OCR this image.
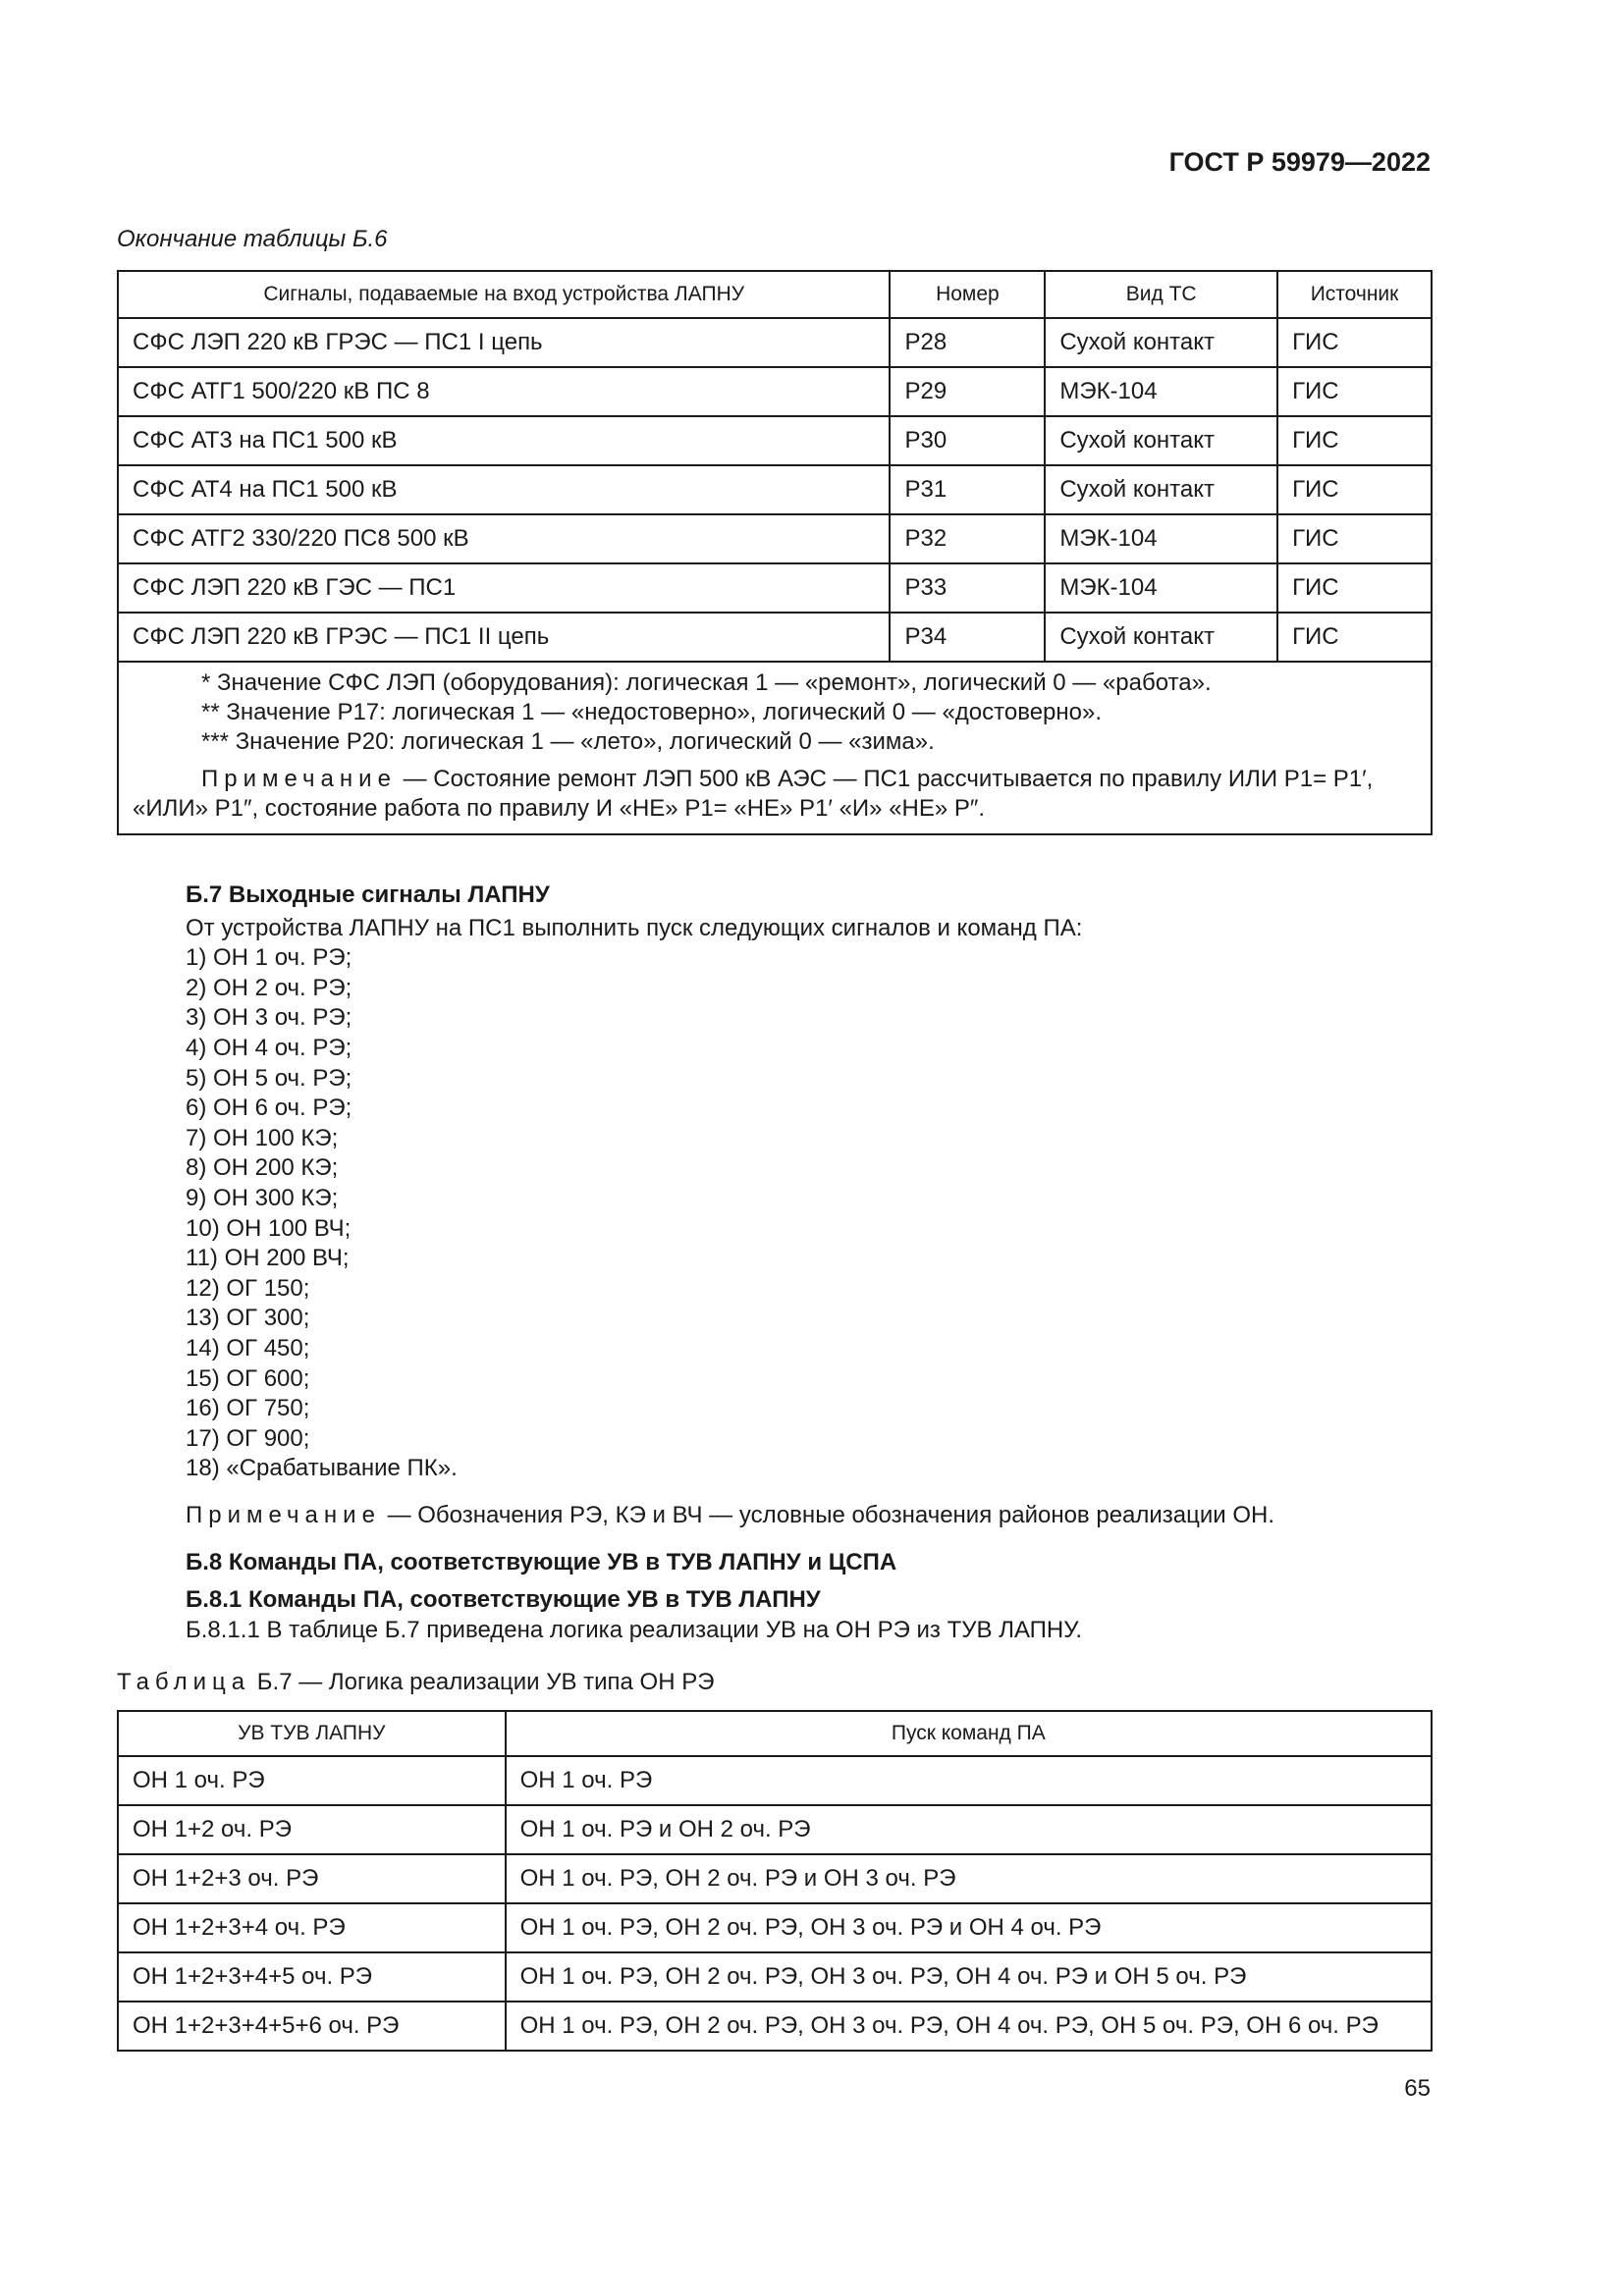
ГОСТ Р 59979—2022
Окончание таблицы Б.6
Сигналы, подаваемые на вход устройства ЛАПНУ	Номер	Вид ТС	Источник
СФС ЛЭП 220 кВ ГРЭС — ПС1 I цепь	Р28	Сухой контакт	ГИС
СФС АТГ1 500/220 кВ ПС 8	Р29	МЭК-104	ГИС
СФС АТ3 на ПС1 500 кВ	Р30	Сухой контакт	ГИС
СФС АТ4 на ПС1 500 кВ	Р31	Сухой контакт	ГИС
СФС АТГ2 330/220 ПС8 500 кВ	Р32	МЭК-104	ГИС
СФС ЛЭП 220 кВ ГЭС — ПС1	Р33	МЭК-104	ГИС
СФС ЛЭП 220 кВ ГРЭС — ПС1 II цепь	Р34	Сухой контакт	ГИС

* Значение СФС ЛЭП (оборудования): логическая 1 — «ремонт», логический 0 — «работа».
** Значение Р17: логическая 1 — «недостоверно», логический 0 — «достоверно».
*** Значение Р20: логическая 1 — «лето», логический 0 — «зима».
Примечание — Состояние ремонт ЛЭП 500 кВ АЭС — ПС1 рассчитывается по правилу ИЛИ Р1= Р1′, «ИЛИ» Р1″, состояние работа по правилу И «НЕ» Р1= «НЕ» Р1′ «И» «НЕ» Р″.			
Б.7 Выходные сигналы ЛАПНУ
От устройства ЛАПНУ на ПС1 выполнить пуск следующих сигналов и команд ПА:
1) ОН 1 оч. РЭ;
2) ОН 2 оч. РЭ;
3) ОН 3 оч. РЭ;
4) ОН 4 оч. РЭ;
5) ОН 5 оч. РЭ;
6) ОН 6 оч. РЭ;
7) ОН 100 КЭ;
8) ОН 200 КЭ;
9) ОН 300 КЭ;
10) ОН 100 ВЧ;
11) ОН 200 ВЧ;
12) ОГ 150;
13) ОГ 300;
14) ОГ 450;
15) ОГ 600;
16) ОГ 750;
17) ОГ 900;
18) «Срабатывание ПК».
Примечание — Обозначения РЭ, КЭ и ВЧ — условные обозначения районов реализации ОН.
Б.8 Команды ПА, соответствующие УВ в ТУВ ЛАПНУ и ЦСПА
Б.8.1 Команды ПА, соответствующие УВ в ТУВ ЛАПНУ
Б.8.1.1 В таблице Б.7 приведена логика реализации УВ на ОН РЭ из ТУВ ЛАПНУ.
Таблица Б.7 — Логика реализации УВ типа ОН РЭ
УВ ТУВ ЛАПНУ	Пуск команд ПА
ОН 1 оч. РЭ	ОН 1 оч. РЭ
ОН 1+2 оч. РЭ	ОН 1 оч. РЭ и ОН 2 оч. РЭ
ОН 1+2+3 оч. РЭ	ОН 1 оч. РЭ, ОН 2 оч. РЭ и ОН 3 оч. РЭ
ОН 1+2+3+4 оч. РЭ	ОН 1 оч. РЭ, ОН 2 оч. РЭ, ОН 3 оч. РЭ и ОН 4 оч. РЭ
ОН 1+2+3+4+5 оч. РЭ	ОН 1 оч. РЭ, ОН 2 оч. РЭ, ОН 3 оч. РЭ, ОН 4 оч. РЭ и ОН 5 оч. РЭ
ОН 1+2+3+4+5+6 оч. РЭ	ОН 1 оч. РЭ, ОН 2 оч. РЭ, ОН 3 оч. РЭ, ОН 4 оч. РЭ, ОН 5 оч. РЭ, ОН 6 оч. РЭ
65
